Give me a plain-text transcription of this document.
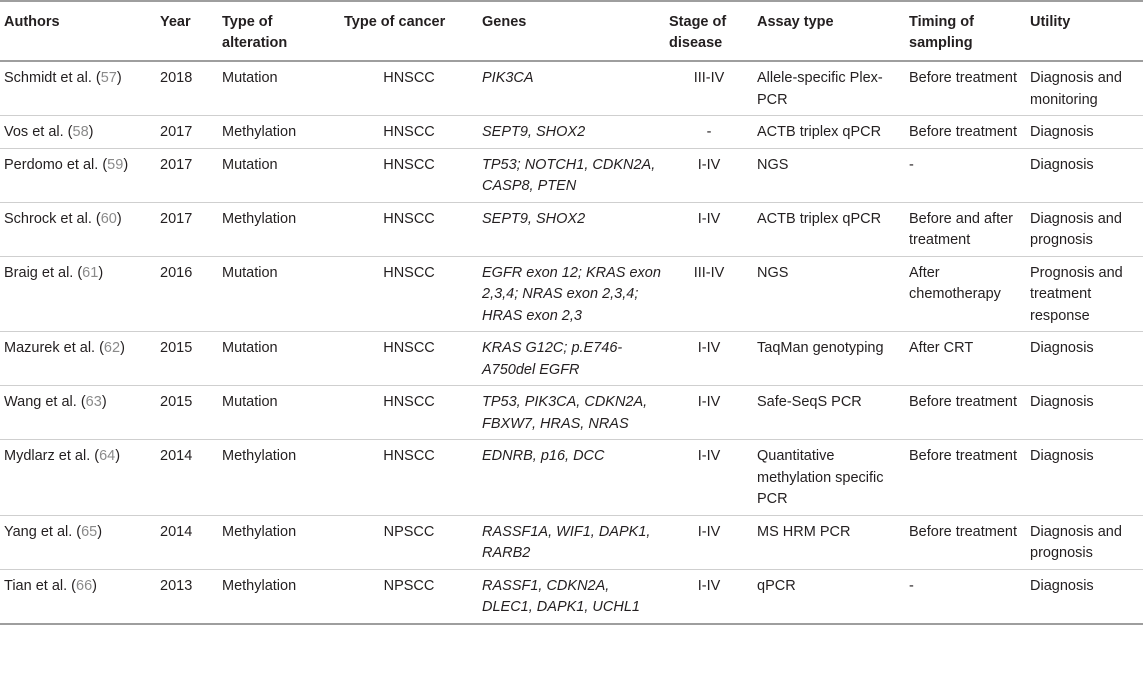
Authors	Year	Type of alteration	Type of cancer	Genes	Stage of disease	Assay type	Timing of sampling	Utility
Schmidt et al. (57)	2018	Mutation	HNSCC	PIK3CA	III-IV	Allele-specific Plex-PCR	Before treatment	Diagnosis and monitoring
Vos et al. (58)	2017	Methylation	HNSCC	SEPT9, SHOX2	-	ACTB triplex qPCR	Before treatment	Diagnosis
Perdomo et al. (59)	2017	Mutation	HNSCC	TP53; NOTCH1, CDKN2A, CASP8, PTEN	I-IV	NGS	-	Diagnosis
Schrock et al. (60)	2017	Methylation	HNSCC	SEPT9, SHOX2	I-IV	ACTB triplex qPCR	Before and after treatment	Diagnosis and prognosis
Braig et al. (61)	2016	Mutation	HNSCC	EGFR exon 12; KRAS exon 2,3,4; NRAS exon 2,3,4; HRAS exon 2,3	III-IV	NGS	After chemotherapy	Prognosis and treatment response
Mazurek et al. (62)	2015	Mutation	HNSCC	KRAS G12C; p.E746-A750del EGFR	I-IV	TaqMan genotyping	After CRT	Diagnosis
Wang et al. (63)	2015	Mutation	HNSCC	TP53, PIK3CA, CDKN2A, FBXW7, HRAS, NRAS	I-IV	Safe-SeqS PCR	Before treatment	Diagnosis
Mydlarz et al. (64)	2014	Methylation	HNSCC	EDNRB, p16, DCC	I-IV	Quantitative methylation specific PCR	Before treatment	Diagnosis
Yang et al. (65)	2014	Methylation	NPSCC	RASSF1A, WIF1, DAPK1, RARB2	I-IV	MS HRM PCR	Before treatment	Diagnosis and prognosis
Tian et al. (66)	2013	Methylation	NPSCC	RASSF1, CDKN2A, DLEC1, DAPK1, UCHL1	I-IV	qPCR	-	Diagnosis
